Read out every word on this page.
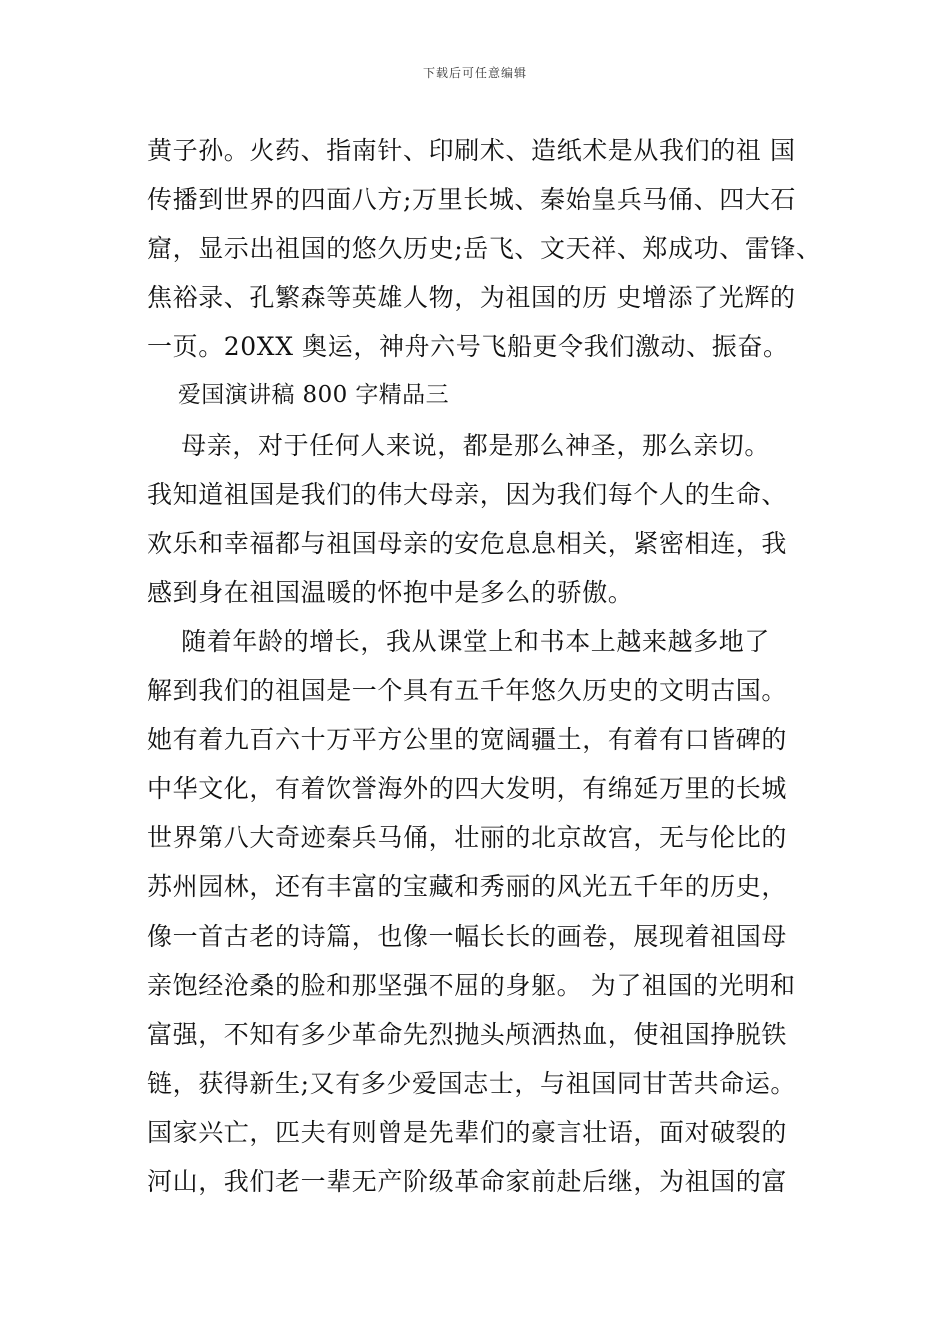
下载后可任意编辑
黄子孙。火药、指南针、印刷术、造纸术是从我们的祖 国
传播到世界的四面八方;万里长城、秦始皇兵马俑、四大石
窟，显示出祖国的悠久历史;岳飞、文天祥、郑成功、雷锋、
焦裕录、孔繁森等英雄人物，为祖国的历 史增添了光辉的
一页。20XX 奥运，神舟六号飞船更令我们激动、振奋。
爱国演讲稿 800 字精品三
母亲，对于任何人来说，都是那么神圣，那么亲切。
我知道祖国是我们的伟大母亲，因为我们每个人的生命、
欢乐和幸福都与祖国母亲的安危息息相关，紧密相连，我
感到身在祖国温暖的怀抱中是多么的骄傲。
随着年龄的增长，我从课堂上和书本上越来越多地了
解到我们的祖国是一个具有五千年悠久历史的文明古国。
她有着九百六十万平方公里的宽阔疆土，有着有口皆碑的
中华文化，有着饮誉海外的四大发明，有绵延万里的长城
世界第八大奇迹秦兵马俑，壮丽的北京故宫，无与伦比的
苏州园林，还有丰富的宝藏和秀丽的风光五千年的历史，
像一首古老的诗篇，也像一幅长长的画卷，展现着祖国母
亲饱经沧桑的脸和那坚强不屈的身躯。 为了祖国的光明和
富强，不知有多少革命先烈抛头颅洒热血，使祖国挣脱铁
链，获得新生;又有多少爱国志士，与祖国同甘苦共命运。
国家兴亡，匹夫有则曾是先辈们的豪言壮语，面对破裂的
河山，我们老一辈无产阶级革命家前赴后继，为祖国的富
